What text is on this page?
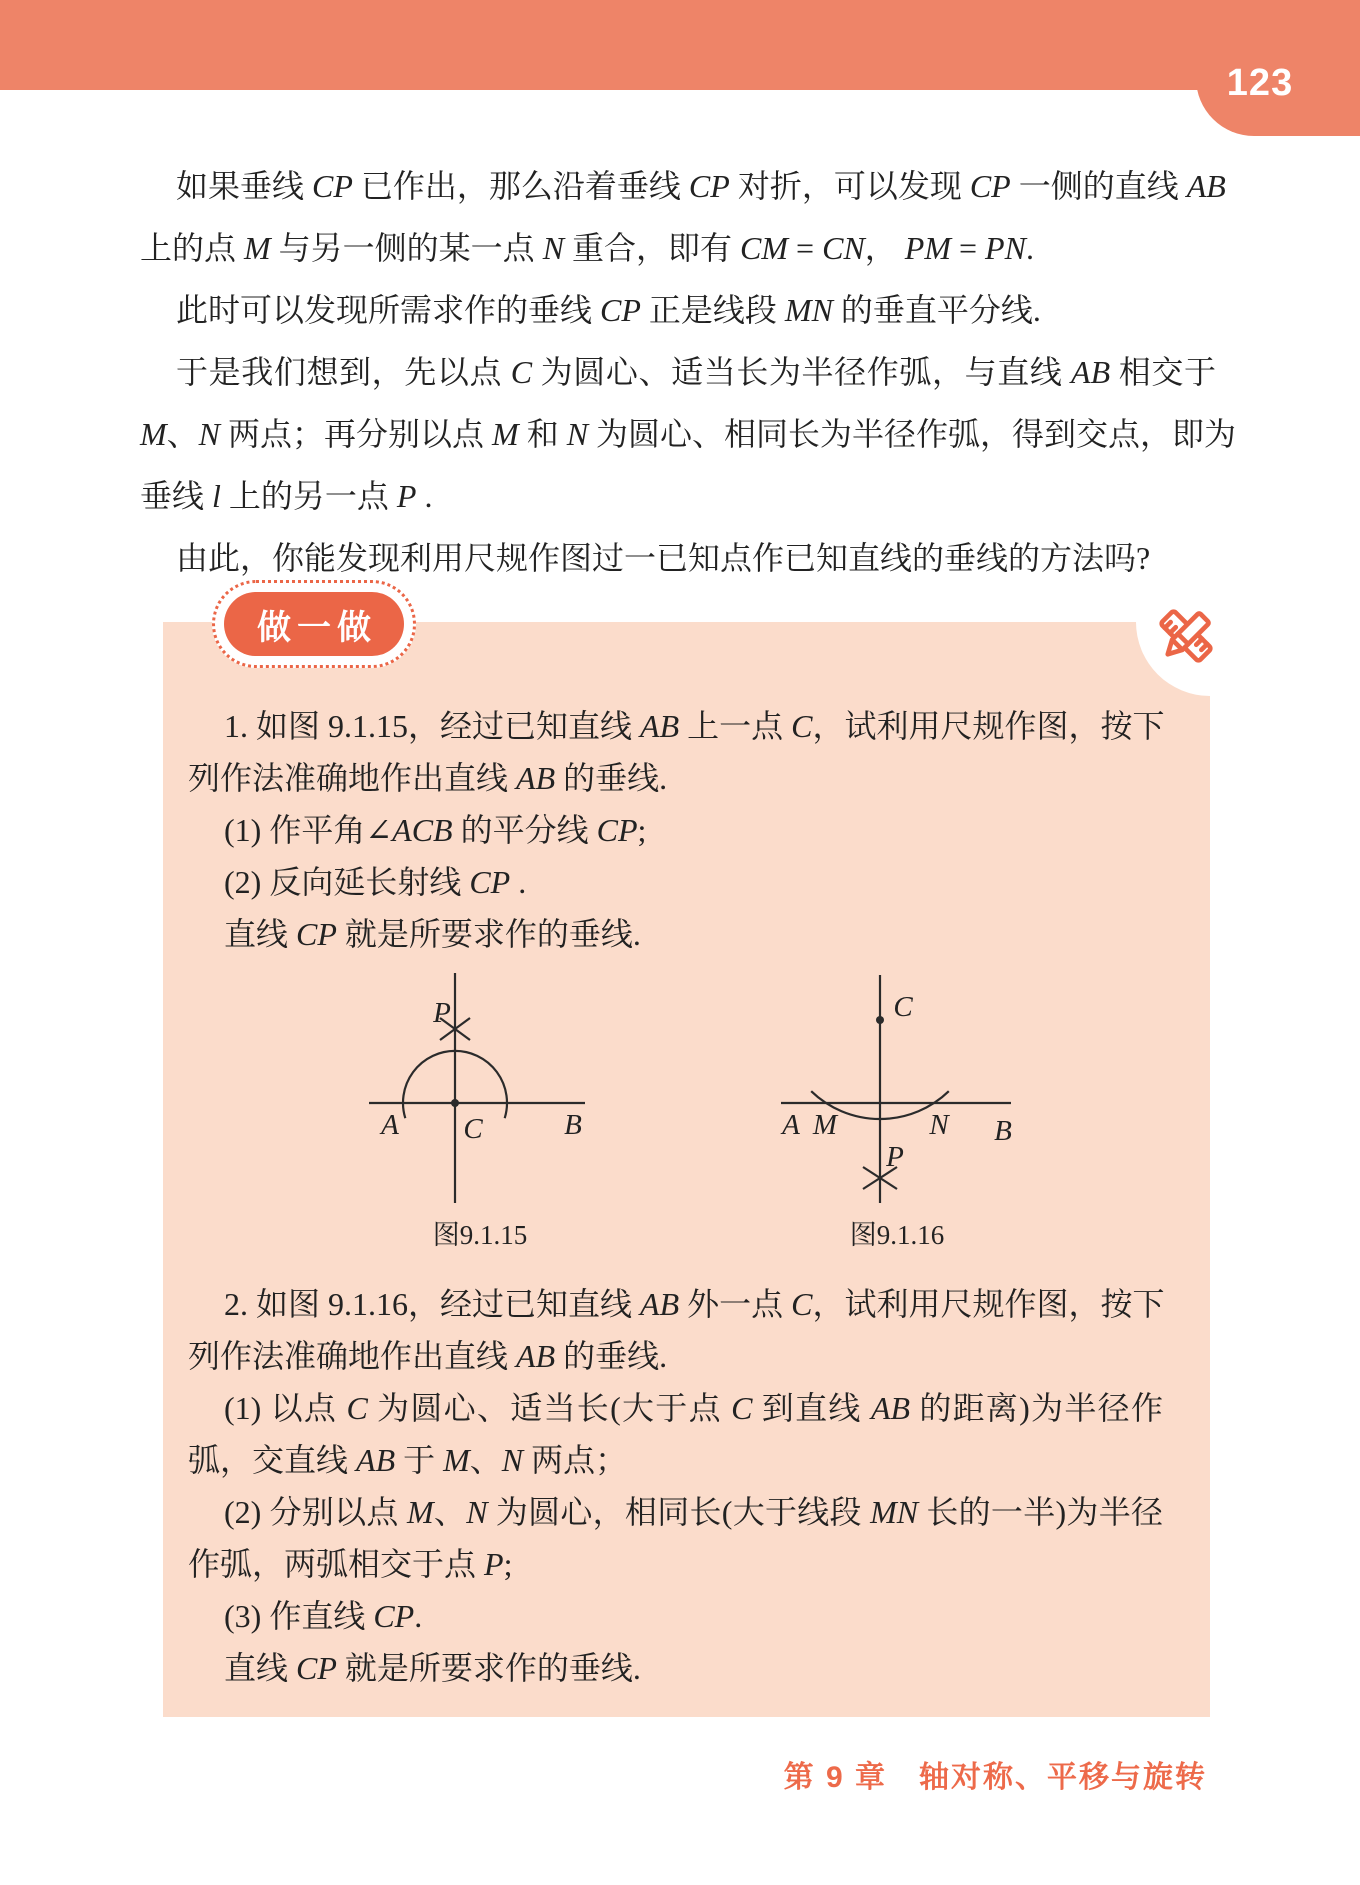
123
如果垂线 CP 已作出，那么沿着垂线 CP 对折，可以发现 CP 一侧的直线 AB
上的点 M 与另一侧的某一点 N 重合，即有 CM = CN， PM = PN.
此时可以发现所需求作的垂线 CP 正是线段 MN 的垂直平分线.
于是我们想到，先以点 C 为圆心、适当长为半径作弧，与直线 AB 相交于
M、N 两点；再分别以点 M 和 N 为圆心、相同长为半径作弧，得到交点，即为
垂线 l 上的另一点 P .
由此，你能发现利用尺规作图过一已知点作已知直线的垂线的方法吗?
1. 如图 9.1.15，经过已知直线 AB 上一点 C，试利用尺规作图，按下
列作法准确地作出直线 AB 的垂线.
(1) 作平角∠ACB 的平分线 CP;
(2) 反向延长射线 CP .
直线 CP 就是所要求作的垂线.
P
A C	B
图9.1.15
C
A M	N B
P
图9.1.16
2. 如图 9.1.16，经过已知直线 AB 外一点 C，试利用尺规作图，按下
列作法准确地作出直线 AB 的垂线.
(1) 以点 C 为圆心、适当长(大于点 C 到直线 AB 的距离)为半径作
弧，交直线 AB 于 M、N 两点；
(2) 分别以点 M、N 为圆心，相同长(大于线段 MN 长的一半)为半径
作弧，两弧相交于点 P;
(3) 作直线 CP.
直线 CP 就是所要求作的垂线.
做一做
第 9 章　轴对称、平移与旋转
